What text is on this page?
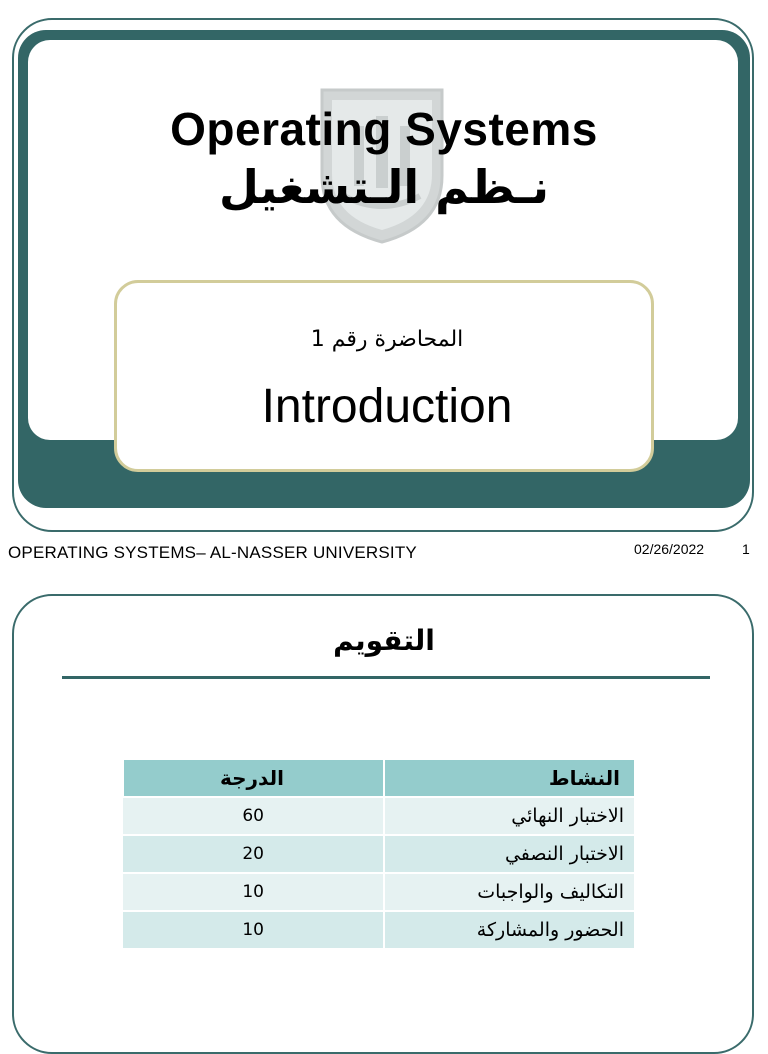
Operating Systems
نـظم الـتشغيل
المحاضرة رقم 1
Introduction
OPERATING SYSTEMS– AL-NASSER UNIVERSITY	02/26/2022	1
التقويم
النشاط	الدرجة
الاختبار النهائي	60
الاختبار النصفي	20
التكاليف والواجبات	10
الحضور والمشاركة	10
